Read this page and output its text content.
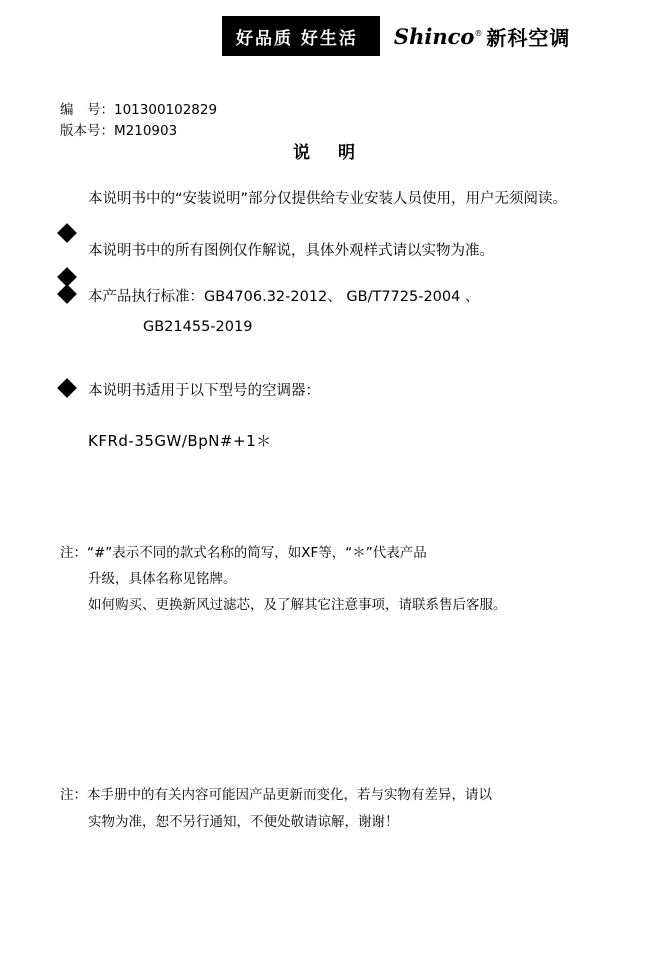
好品质 好生活 Shinco® 新科空调
编　号：101300102829
版本号：M210903
说 明
本说明书中的“安装说明”部分仅提供给专业安装人员使用，用户无须阅读。
本说明书中的所有图例仅作解说，具体外观样式请以实物为准。
本产品执行标准：GB4706.32-2012、 GB/T7725-2004 、
GB21455-2019
本说明书适用于以下型号的空调器：
KFRd-35GW/BpN#+1＊
注：“#”表示不同的款式名称的简写，如XF等，“＊”代表产品
升级，具体名称见铭牌。
如何购买、更换新风过滤芯，及了解其它注意事项，请联系售后客服。
注：本手册中的有关内容可能因产品更新而变化，若与实物有差异，请以
实物为准，恕不另行通知，不便处敬请谅解，谢谢！
